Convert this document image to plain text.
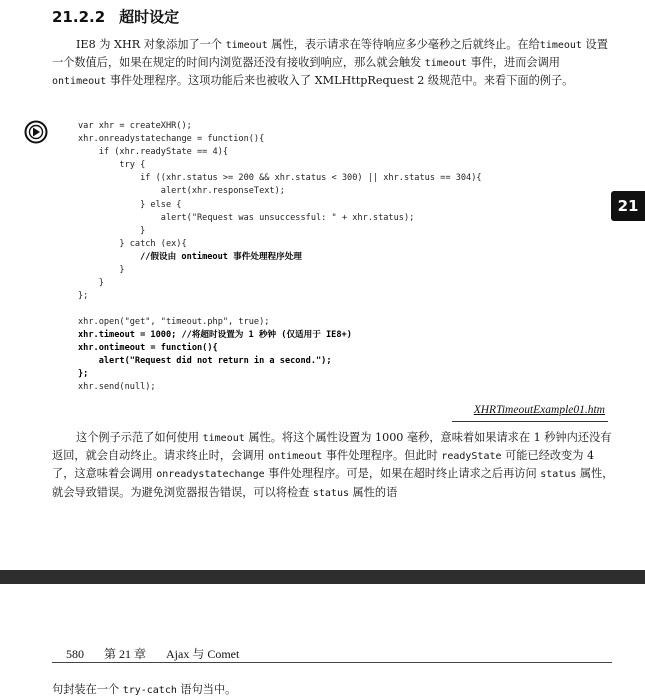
21.2.2 超时设定
IE8 为 XHR 对象添加了一个 timeout 属性，表示请求在等待响应多少毫秒之后就终止。在给timeout 设置一个数值后，如果在规定的时间内浏览器还没有接收到响应，那么就会触发 timeout 事件，进而会调用 ontimeout 事件处理程序。这项功能后来也被收入了 XMLHttpRequest 2 级规范中。来看下面的例子。
var xhr = createXHR();
xhr.onreadystatechange = function(){
if (xhr.readyState == 4){
try {
if ((xhr.status >= 200 && xhr.status < 300) || xhr.status == 304){
alert(xhr.responseText);
} else {
alert("Request was unsuccessful: " + xhr.status);
}
} catch (ex){
//假设由 ontimeout 事件处理程序处理
}
}
};
21
xhr.open("get", "timeout.php", true);
xhr.timeout = 1000; //将超时设置为 1 秒钟 (仅适用于 IE8+)
xhr.ontimeout = function(){
alert("Request did not return in a second.");
};
xhr.send(null);
XHRTimeoutExample01.htm
这个例子示范了如何使用 timeout 属性。将这个属性设置为 1000 毫秒，意味着如果请求在 1 秒钟内还没有返回，就会自动终止。请求终止时，会调用 ontimeout 事件处理程序。但此时 readyState 可能已经改变为 4 了，这意味着会调用 onreadystatechange 事件处理程序。可是，如果在超时终止请求之后再访问 status 属性，就会导致错误。为避免浏览器报告错误，可以将检查 status 属性的语
580 第 21 章 Ajax 与 Comet
句封装在一个 try-catch 语句当中。
